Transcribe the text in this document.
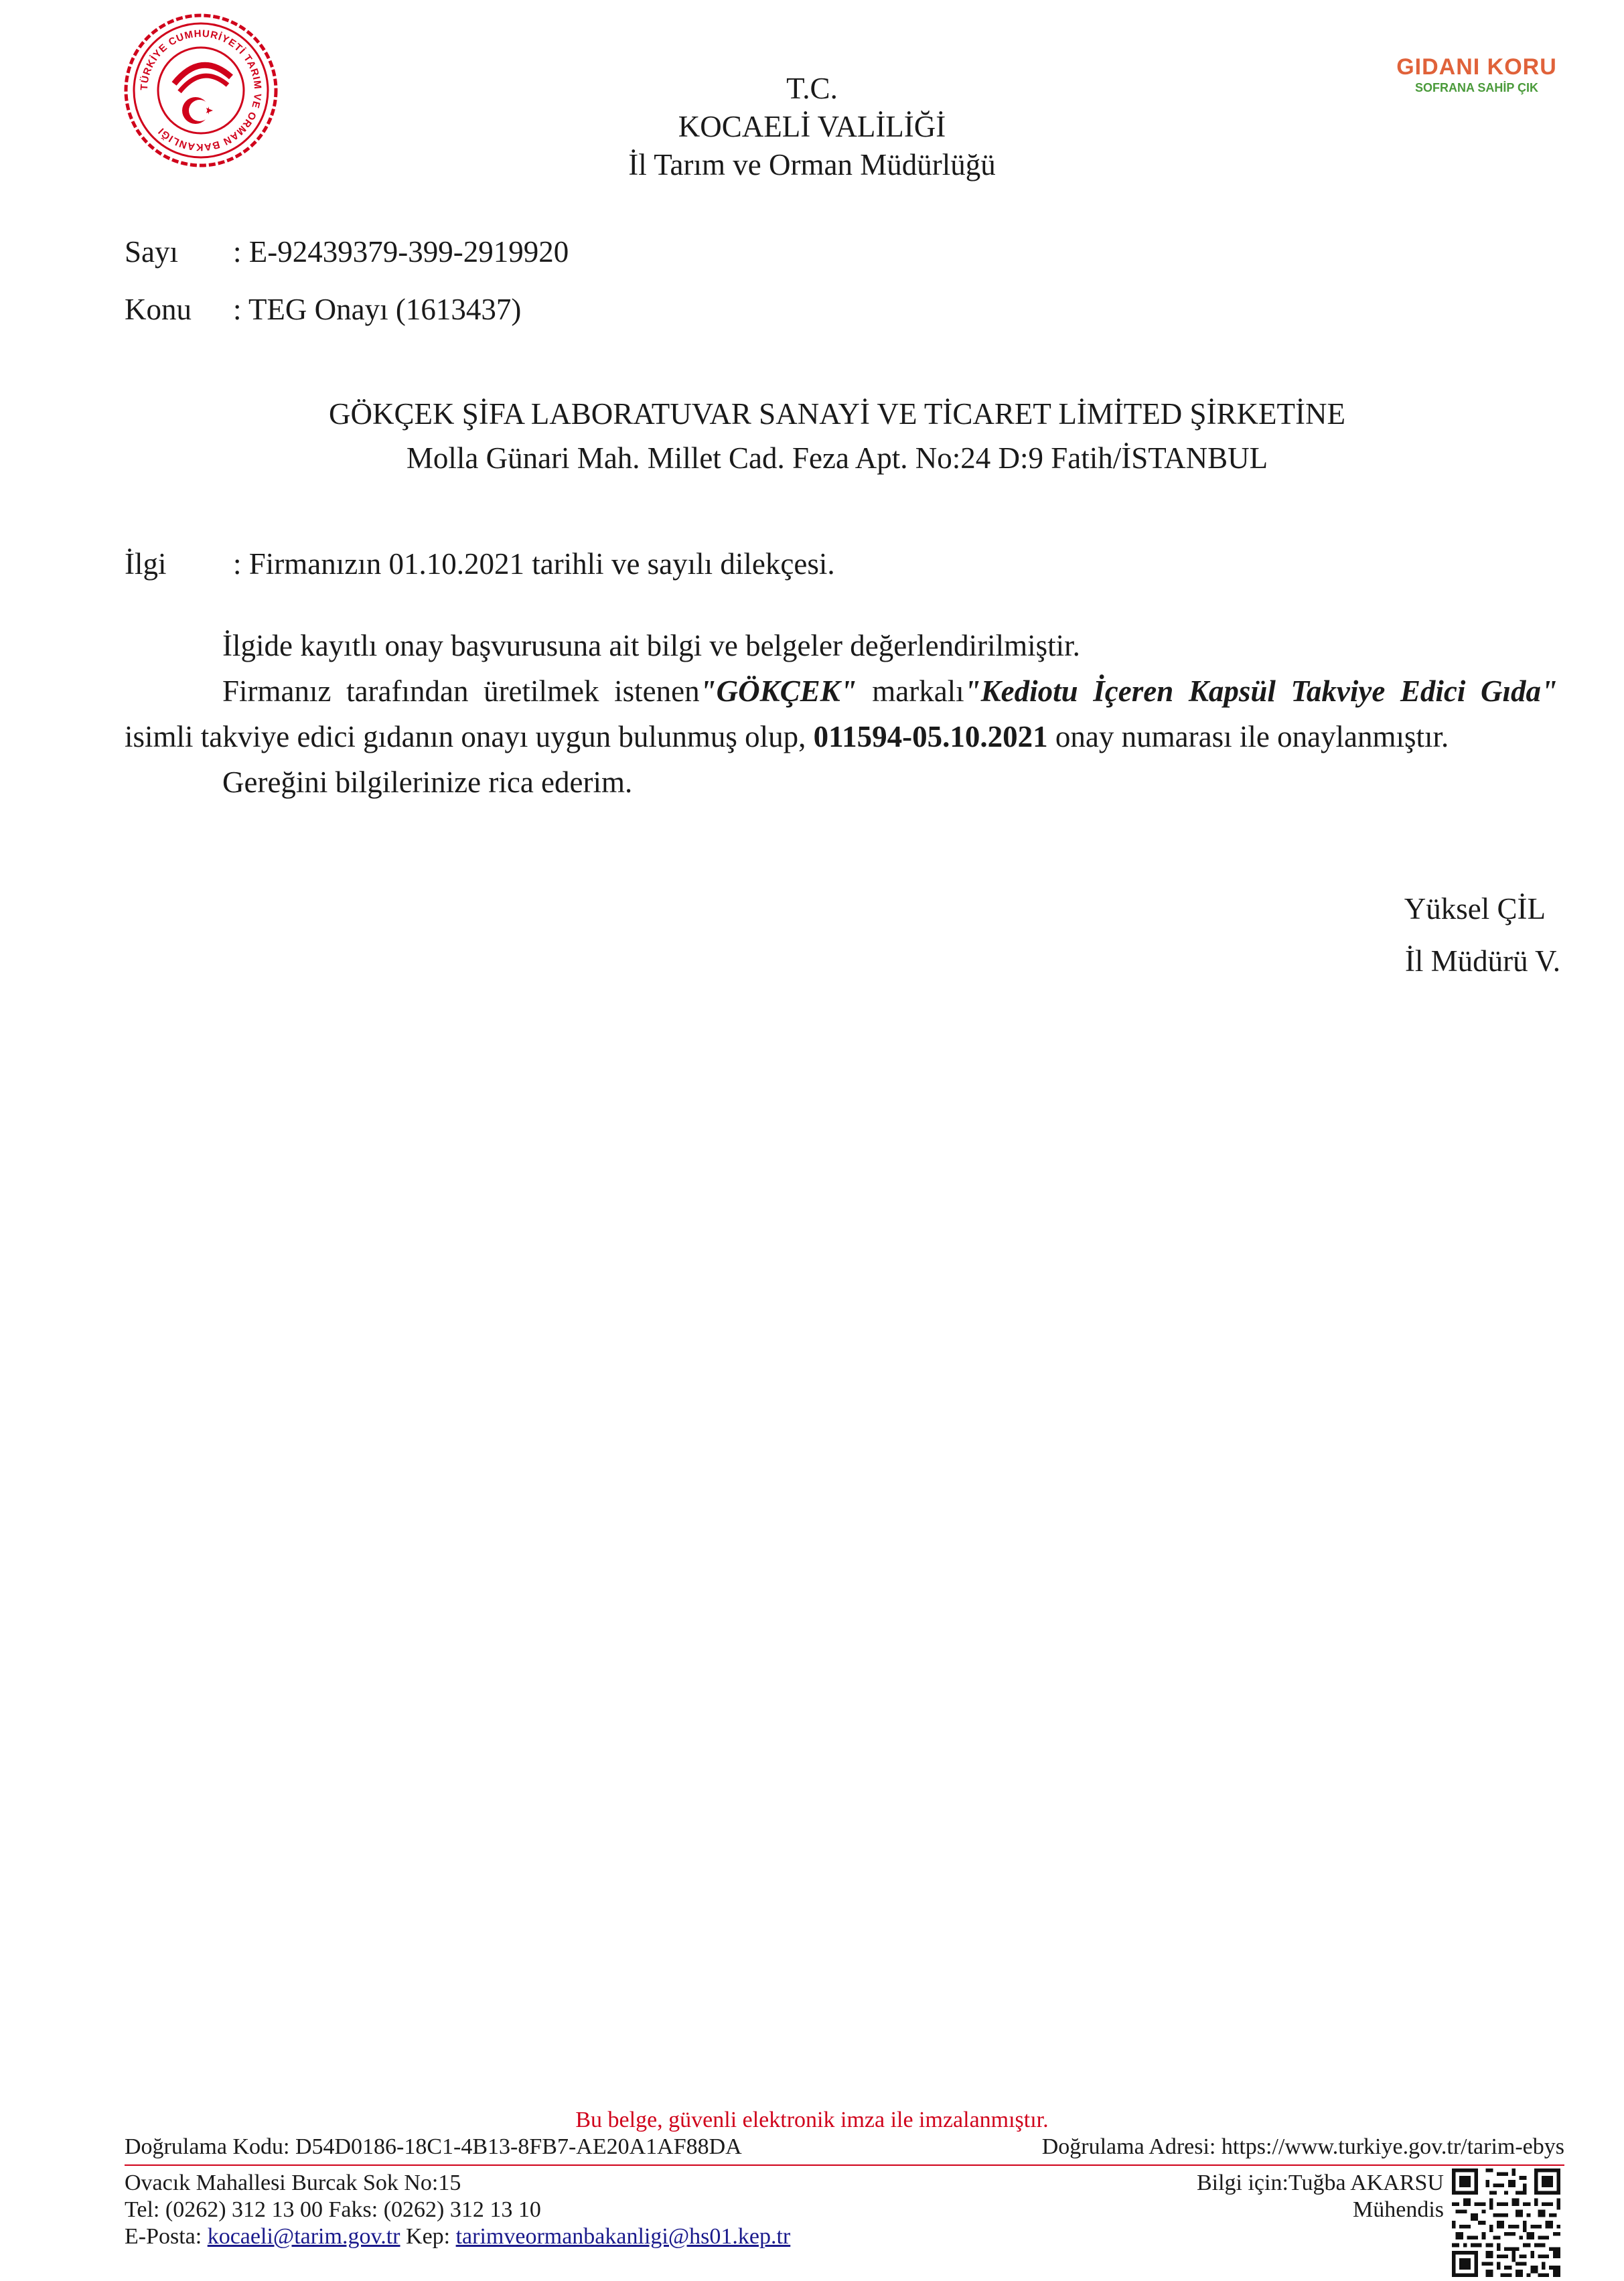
TÜRKİYE CUMHURİYETİ TARIM VE ORMAN BAKANLIĞI
GIDANI KORU
SOFRANA SAHİP ÇIK
T.C.
KOCAELİ VALİLİĞİ
İl Tarım ve Orman Müdürlüğü
Sayı : E-92439379-399-2919920
Konu : TEG Onayı (1613437)
GÖKÇEK ŞİFA LABORATUVAR SANAYİ VE TİCARET LİMİTED ŞİRKETİNE
Molla Günari Mah. Millet Cad. Feza Apt. No:24 D:9 Fatih/İSTANBUL
İlgi : Firmanızın 01.10.2021 tarihli ve sayılı dilekçesi.

İlgide kayıtlı onay başvurusuna ait bilgi ve belgeler değerlendirilmiştir.

Firmanız tarafından üretilmek istenen"GÖKÇEK" markalı"Kediotu İçeren Kapsül Takviye Edici Gıda" isimli takviye edici gıdanın onayı uygun bulunmuş olup, 011594-05.10.2021 onay numarası ile onaylanmıştır.

Gereğini bilgilerinize rica ederim.

Yüksel ÇİL
İl Müdürü V.
Bu belge, güvenli elektronik imza ile imzalanmıştır.
Doğrulama Kodu: D54D0186-18C1-4B13-8FB7-AE20A1AF88DA	Doğrulama Adresi: https://www.turkiye.gov.tr/tarim-ebys
Ovacık Mahallesi Burcak Sok No:15
Tel: (0262) 312 13 00 Faks: (0262) 312 13 10
E-Posta: kocaeli@tarim.gov.tr Kep: tarimveormanbakanligi@hs01.kep.tr
Bilgi için:Tuğba AKARSU
Mühendis
